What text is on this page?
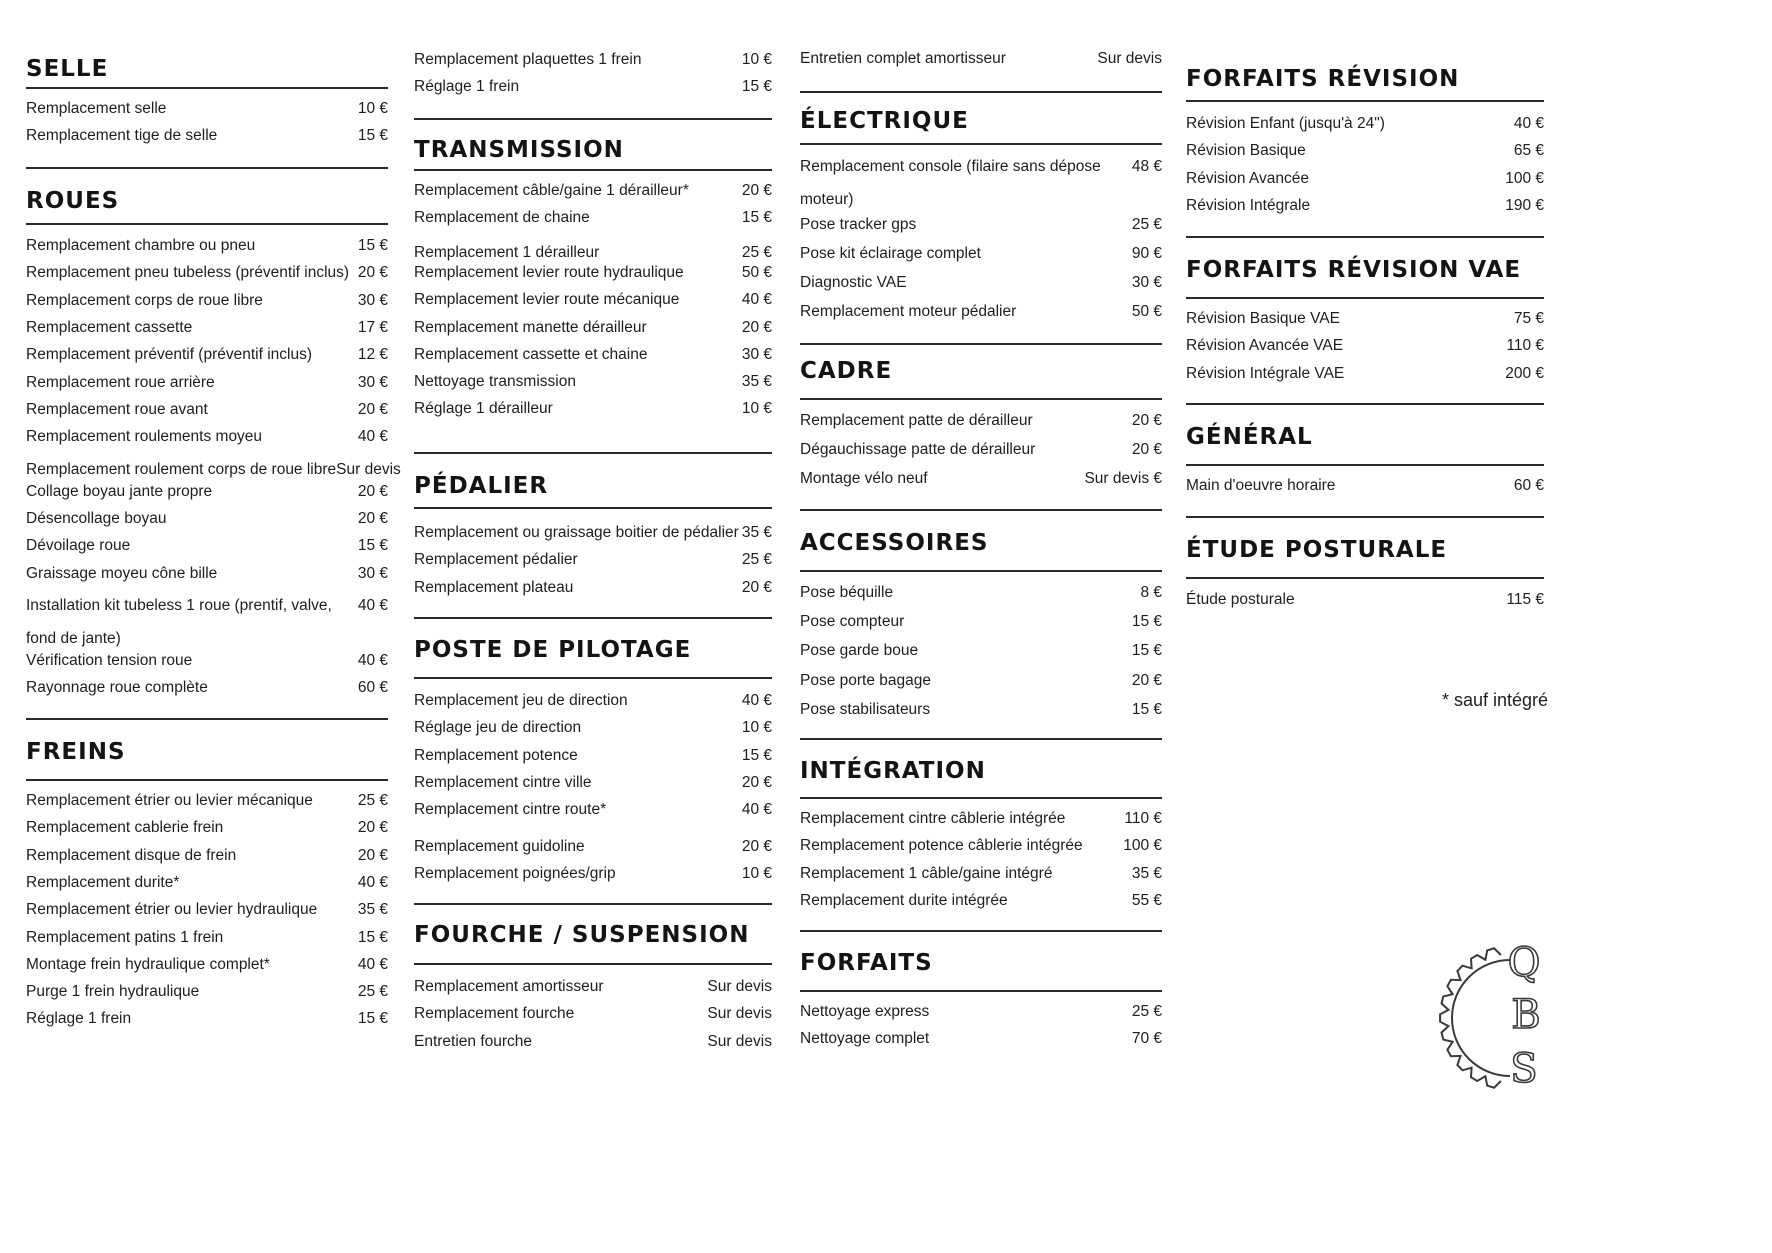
SELLE
Remplacement selle	10 €
Remplacement tige de selle	15 €
ROUES
Remplacement chambre ou pneu	15 €
Remplacement pneu tubeless (préventif inclus) 20 €
Remplacement corps de roue libre	30 €
Remplacement cassette	17 €
Remplacement préventif (préventif inclus)	12 €
Remplacement roue arrière	30 €
Remplacement roue avant	20 €
Remplacement roulements moyeu	40 €
Remplacement roulement corps de roue libre Sur devis
Collage boyau jante propre	20 €
Désencollage boyau	20 €
Dévoilage roue	15 €
Graissage moyeu cône bille	30 €
Installation kit tubeless 1 roue (prentif, valve, fond de jante)
40 €
Vérification tension roue	40 €
Rayonnage roue complète	60 €
FREINS
Remplacement étrier ou levier mécanique	25 €
Remplacement cablerie frein	20 €
Remplacement disque de frein	20 €
Remplacement durite*	40 €
Remplacement étrier ou levier hydraulique	35 €
Remplacement patins 1 frein	15 €
Montage frein hydraulique complet*	40 €
Purge 1 frein hydraulique	25 €
Réglage 1 frein	15 €
Remplacement plaquettes 1 frein	10 €
Réglage 1 frein	15 €
TRANSMISSION
Remplacement câble/gaine 1 dérailleur*	20 €
Remplacement de chaine	15 €
Remplacement 1 dérailleur	25 €
Remplacement levier route hydraulique	50 €
Remplacement levier route mécanique	40 €
Remplacement manette dérailleur	20 €
Remplacement cassette et chaine	30 €
Nettoyage transmission	35 €
Réglage 1 dérailleur	10 €
PÉDALIER
Remplacement ou graissage boitier de pédalier 35 €
Remplacement pédalier	25 €
Remplacement plateau	20 €
POSTE DE PILOTAGE
Remplacement jeu de direction	40 €
Réglage jeu de direction	10 €
Remplacement potence	15 €
Remplacement cintre ville	20 €
Remplacement cintre route*	40 €
Remplacement guidoline	20 €
Remplacement poignées/grip	10 €
FOURCHE / SUSPENSION
Remplacement amortisseur	Sur devis
Remplacement fourche	Sur devis
Entretien fourche	Sur devis
Entretien complet amortisseur	Sur devis
ÉLECTRIQUE
Remplacement console (filaire sans dépose moteur)
48 €
Pose tracker gps	25 €
Pose kit éclairage complet	90 €
Diagnostic VAE	30 €
Remplacement moteur pédalier	50 €
CADRE
Remplacement patte de dérailleur	20 €
Dégauchissage patte de dérailleur	20 €
Montage vélo neuf	Sur devis €
ACCESSOIRES
Pose béquille	8 €
Pose compteur	15 €
Pose garde boue	15 €
Pose porte bagage	20 €
Pose stabilisateurs	15 €
INTÉGRATION
Remplacement cintre câblerie intégrée	110 €
Remplacement potence câblerie intégrée	100 €
Remplacement 1 câble/gaine intégré	35 €
Remplacement durite intégrée	55 €
FORFAITS
Nettoyage express	25 €
Nettoyage complet	70 €
FORFAITS RÉVISION
Révision Enfant (jusqu'à 24")	40 €
Révision Basique	65 €
Révision Avancée	100 €
Révision Intégrale	190 €
FORFAITS RÉVISION VAE
Révision Basique VAE	75 €
Révision Avancée VAE	110 €
Révision Intégrale VAE	200 €
GÉNÉRAL
Main d'oeuvre horaire	60 €
ÉTUDE POSTURALE
Étude posturale	115 €
* sauf intégré
Q
B
S
